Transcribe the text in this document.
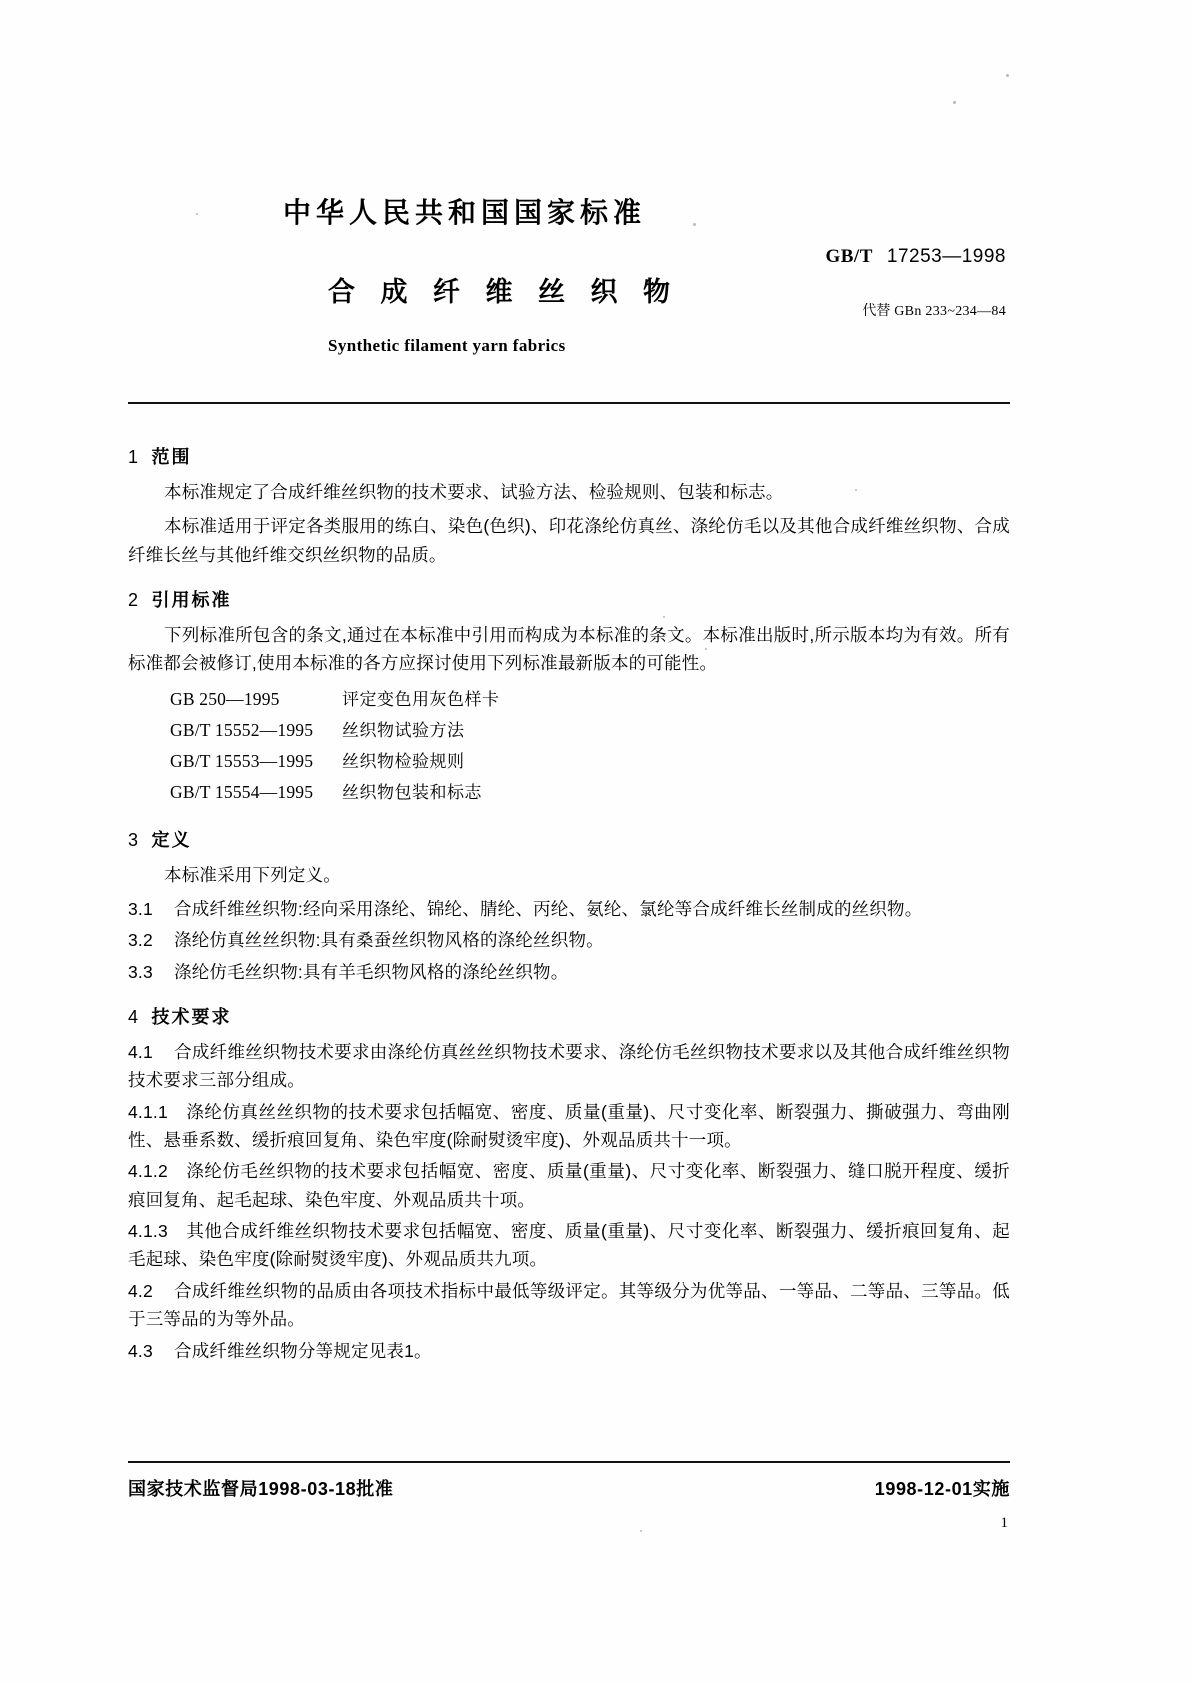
中华人民共和国国家标准
GB/T 17253—1998
合 成 纤 维 丝 织 物
代替 GBn 233~234—84
Synthetic filament yarn fabrics
1 范围

本标准规定了合成纤维丝织物的技术要求、试验方法、检验规则、包装和标志。

本标准适用于评定各类服用的练白、染色(色织)、印花涤纶仿真丝、涤纶仿毛以及其他合成纤维丝织物、合成纤维长丝与其他纤维交织丝织物的品质。

2 引用标准

下列标准所包含的条文,通过在本标准中引用而构成为本标准的条文。本标准出版时,所示版本均为有效。所有标准都会被修订,使用本标准的各方应探讨使用下列标准最新版本的可能性。

GB 250—1995	评定变色用灰色样卡
GB/T 15552—1995 丝织物试验方法
GB/T 15553—1995 丝织物检验规则
GB/T 15554—1995 丝织物包装和标志
3 定义

本标准采用下列定义。

3.1 合成纤维丝织物:经向采用涤纶、锦纶、腈纶、丙纶、氨纶、氯纶等合成纤维长丝制成的丝织物。

3.2 涤纶仿真丝丝织物:具有桑蚕丝织物风格的涤纶丝织物。

3.3 涤纶仿毛丝织物:具有羊毛织物风格的涤纶丝织物。

4 技术要求

4.1 合成纤维丝织物技术要求由涤纶仿真丝丝织物技术要求、涤纶仿毛丝织物技术要求以及其他合成纤维丝织物技术要求三部分组成。

4.1.1 涤纶仿真丝丝织物的技术要求包括幅宽、密度、质量(重量)、尺寸变化率、断裂强力、撕破强力、弯曲刚性、悬垂系数、缓折痕回复角、染色牢度(除耐熨烫牢度)、外观品质共十一项。

4.1.2 涤纶仿毛丝织物的技术要求包括幅宽、密度、质量(重量)、尺寸变化率、断裂强力、缝口脱开程度、缓折痕回复角、起毛起球、染色牢度、外观品质共十项。

4.1.3 其他合成纤维丝织物技术要求包括幅宽、密度、质量(重量)、尺寸变化率、断裂强力、缓折痕回复角、起毛起球、染色牢度(除耐熨烫牢度)、外观品质共九项。

4.2 合成纤维丝织物的品质由各项技术指标中最低等级评定。其等级分为优等品、一等品、二等品、三等品。低于三等品的为等外品。

4.3 合成纤维丝织物分等规定见表1。

国家技术监督局1998-03-18批准	1998-12-01实施
1
